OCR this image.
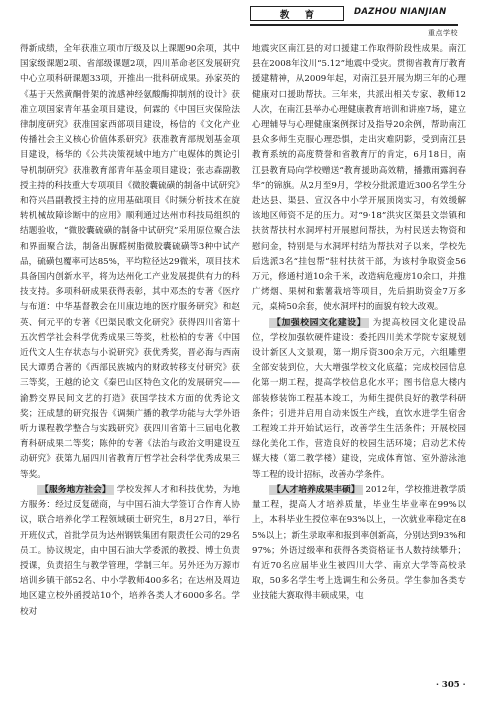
教 育	DAZHOU NIANJIAN
重点学校

得新成绩，全年获准立项市厅级及以上课题90余项，其中国家级课题2项、省部级课题2项，四川革命老区发展研究中心立项科研课题33项，开推出一批科研成果。孙家英的《基于天然黄酮骨架的流感神经氨酸酶抑制剂的设计》获准立项国家青年基金项目建设，何霖的《中国巨灾保险法律制度研究》获准国家西部项目建设，杨信的《文化产业传播社会主义核心价值体系研究》获准教育部规划基金项目建设，杨华的《公共决策视域中地方广电媒体的舆论引导机制研究》获准教育部青年基金项目建设；张志森副教授主持的科技重大专项项目《微胶囊硫磺的制备中试研究》和符兴昌副教授主持的应用基础项目《时频分析技术在旋转机械故障诊断中的应用》顺利通过达州市科技局组织的结题验收，“微胶囊硫磺的制备中试研究”采用原位聚合法和界面聚合法，制备出脲醛树脂微胶囊硫磺等3种中试产品，硫磺包覆率可达85%，平均粒径达29微米，项目技术具备国内创新水平，将为达州化工产业发展提供有力的科技支持。多项科研成果获得表彰，其中邓杰的专著《医疗与布道：中华基督教会在川康边地的医疗服务研究》和赵英、何元平的专著《巴渠民歌文化研究》获得四川省第十五次哲学社会科学优秀成果三等奖，杜松柏的专著《中国近代文人生存状态与小说研究》获优秀奖，晋必海与西南民大谭勇合著的《西部民族城内的财政转移支付研究》获三等奖，王越的论文《秦巴山区特色文化的发展研究——渝黔交界民间文艺的打造》获国学技术方面的优秀论文奖；汪成慧的研究报告《调频广播的教学功能与大学外语听力课程教学整合与实践研究》获四川省第十三届电化教育科研成果二等奖；陈仲的专著《法治与政治文明建设互动研究》获第九届四川省教育厅哲学社会科学优秀成果三等奖。

【服务地方社会】 学校发挥人才和科技优势，为地方服务：经过反复磋商，与中国石油大学签订合作育人协议，联合培养化学工程领域硕士研究生，8月27日，举行开班仪式，首批学员为达州钢铁集团有限责任公司的29名员工。协议规定，由中国石油大学委派的教授、博士负责授课，负责招生与教学管理，学制三年。另外还为万源市培训乡镇干部52名、中小学教师400多名；在达州及周边地区建立校外函授站10个，培养各类人才6000多名。学校对

地震灾区南江县的对口援建工作取得阶段性成果。南江县在2008年汶川“5.12”地震中受灾。贯彻省教育厅教育援建精神，从2009年起，对南江县开展为期三年的心理健康对口援助帮扶。三年来，共派出相关专家、教师12人次，在南江县举办心理健康教育培训和讲座7场，建立心理辅导与心理健康案例探讨及指导20余例，帮助南江县众多师生克服心理恐惧，走出灾难阴影，受到南江县教育系统的高度赞誉和省教育厅的肯定，6月18日，南江县教育局向学校赠送“教育援助高效精，播撒雨露润春华”的锦旗。从2月至9月，学校分批派遣近300名学生分赴达县、渠县、宣汉各中小学开展顶岗实习，有效缓解该地区师资不足的压力。对“9·18”洪灾区渠县文崇镇和扶贫帮扶村水洞坪村开展慰问帮扶，为村民送去物资和慰问金，特别是与水洞坪村结为帮扶对子以来，学校先后选派3名“挂包帮”驻村扶贫干部，为该村争取资金56万元，修通村道10余千米，改造病危瘦房10余口，并推广烤烟、果树和紫薯栽培等项目，先后捐助资金7万多元，桌椅50余套，使水洞坪村的面貌有较大改观。

【加强校园文化建设】 为提高校园文化建设品位，学校加强软硬件建设：委托四川美术学院专家规划设计新区人文景观，第一期斥资300余万元，六组雕塑全部安装到位，大大增强学校文化底蕴；完成校园信息化第一期工程，提高学校信息化水平；图书信息大楼内部装修装饰工程基本竣工，为师生提供良好的教学科研条件；引进并启用自动来饭生产线，直饮水进学生宿舍工程竣工并开始试运行，改善学生生活条件；开展校园绿化美化工作，营造良好的校园生活环境；启动艺术传媒大楼（第二教学楼）建设，完成体育馆、室外游泳池等工程的设计招标，改善办学条件。

【人才培养成果丰硕】 2012年，学校推进教学质量工程，提高人才培养质量，毕业生毕业率在99%以上，本科毕业生授位率在93%以上，一次就业率稳定在85%以上；新生录取率和报到率创新高，分别达到93%和97%；外语过级率和获得各类资格证书人数持续攀升；有近70名应届毕业生被四川大学、南京大学等高校录取，50多名学生考上选调生和公务员。学生参加各类专业技能大赛取得丰硕成果，屯

· 305 ·
